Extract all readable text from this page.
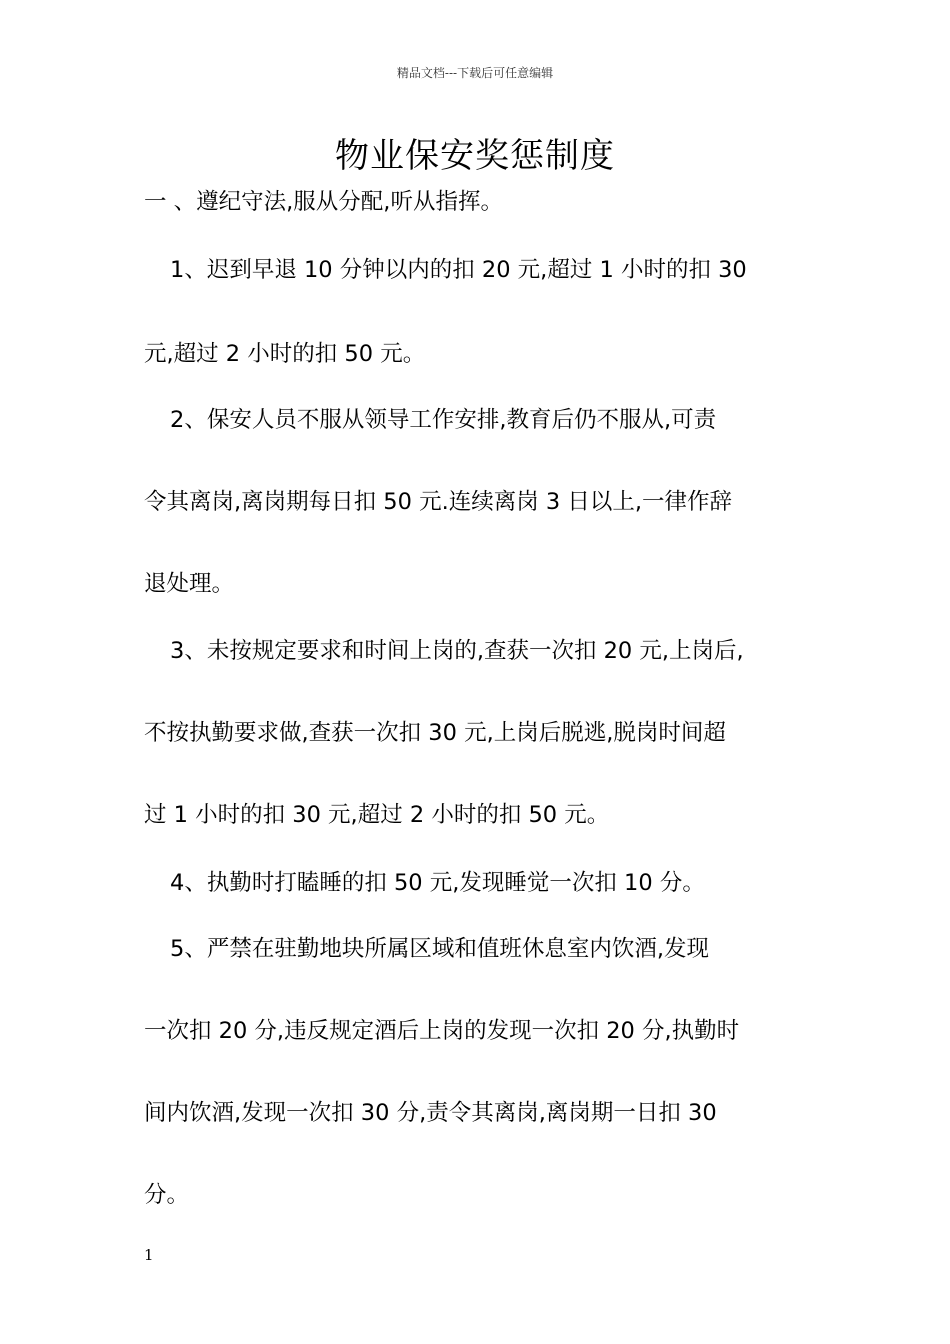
精品文档---下载后可任意编辑
物业保安奖惩制度
一 、遵纪守法,服从分配,听从指挥。
1、迟到早退 10 分钟以内的扣 20 元,超过 1 小时的扣 30
元,超过 2 小时的扣 50 元。
2、保安人员不服从领导工作安排,教育后仍不服从,可责
令其离岗,离岗期每日扣 50 元.连续离岗 3 日以上,一律作辞
退处理。
3、未按规定要求和时间上岗的,查获一次扣 20 元,上岗后,
不按执勤要求做,查获一次扣 30 元,上岗后脱逃,脱岗时间超
过 1 小时的扣 30 元,超过 2 小时的扣 50 元。
4、执勤时打瞌睡的扣 50 元,发现睡觉一次扣 10 分。
5、严禁在驻勤地块所属区域和值班休息室内饮酒,发现
一次扣 20 分,违反规定酒后上岗的发现一次扣 20 分,执勤时
间内饮酒,发现一次扣 30 分,责令其离岗,离岗期一日扣 30
分。
1
